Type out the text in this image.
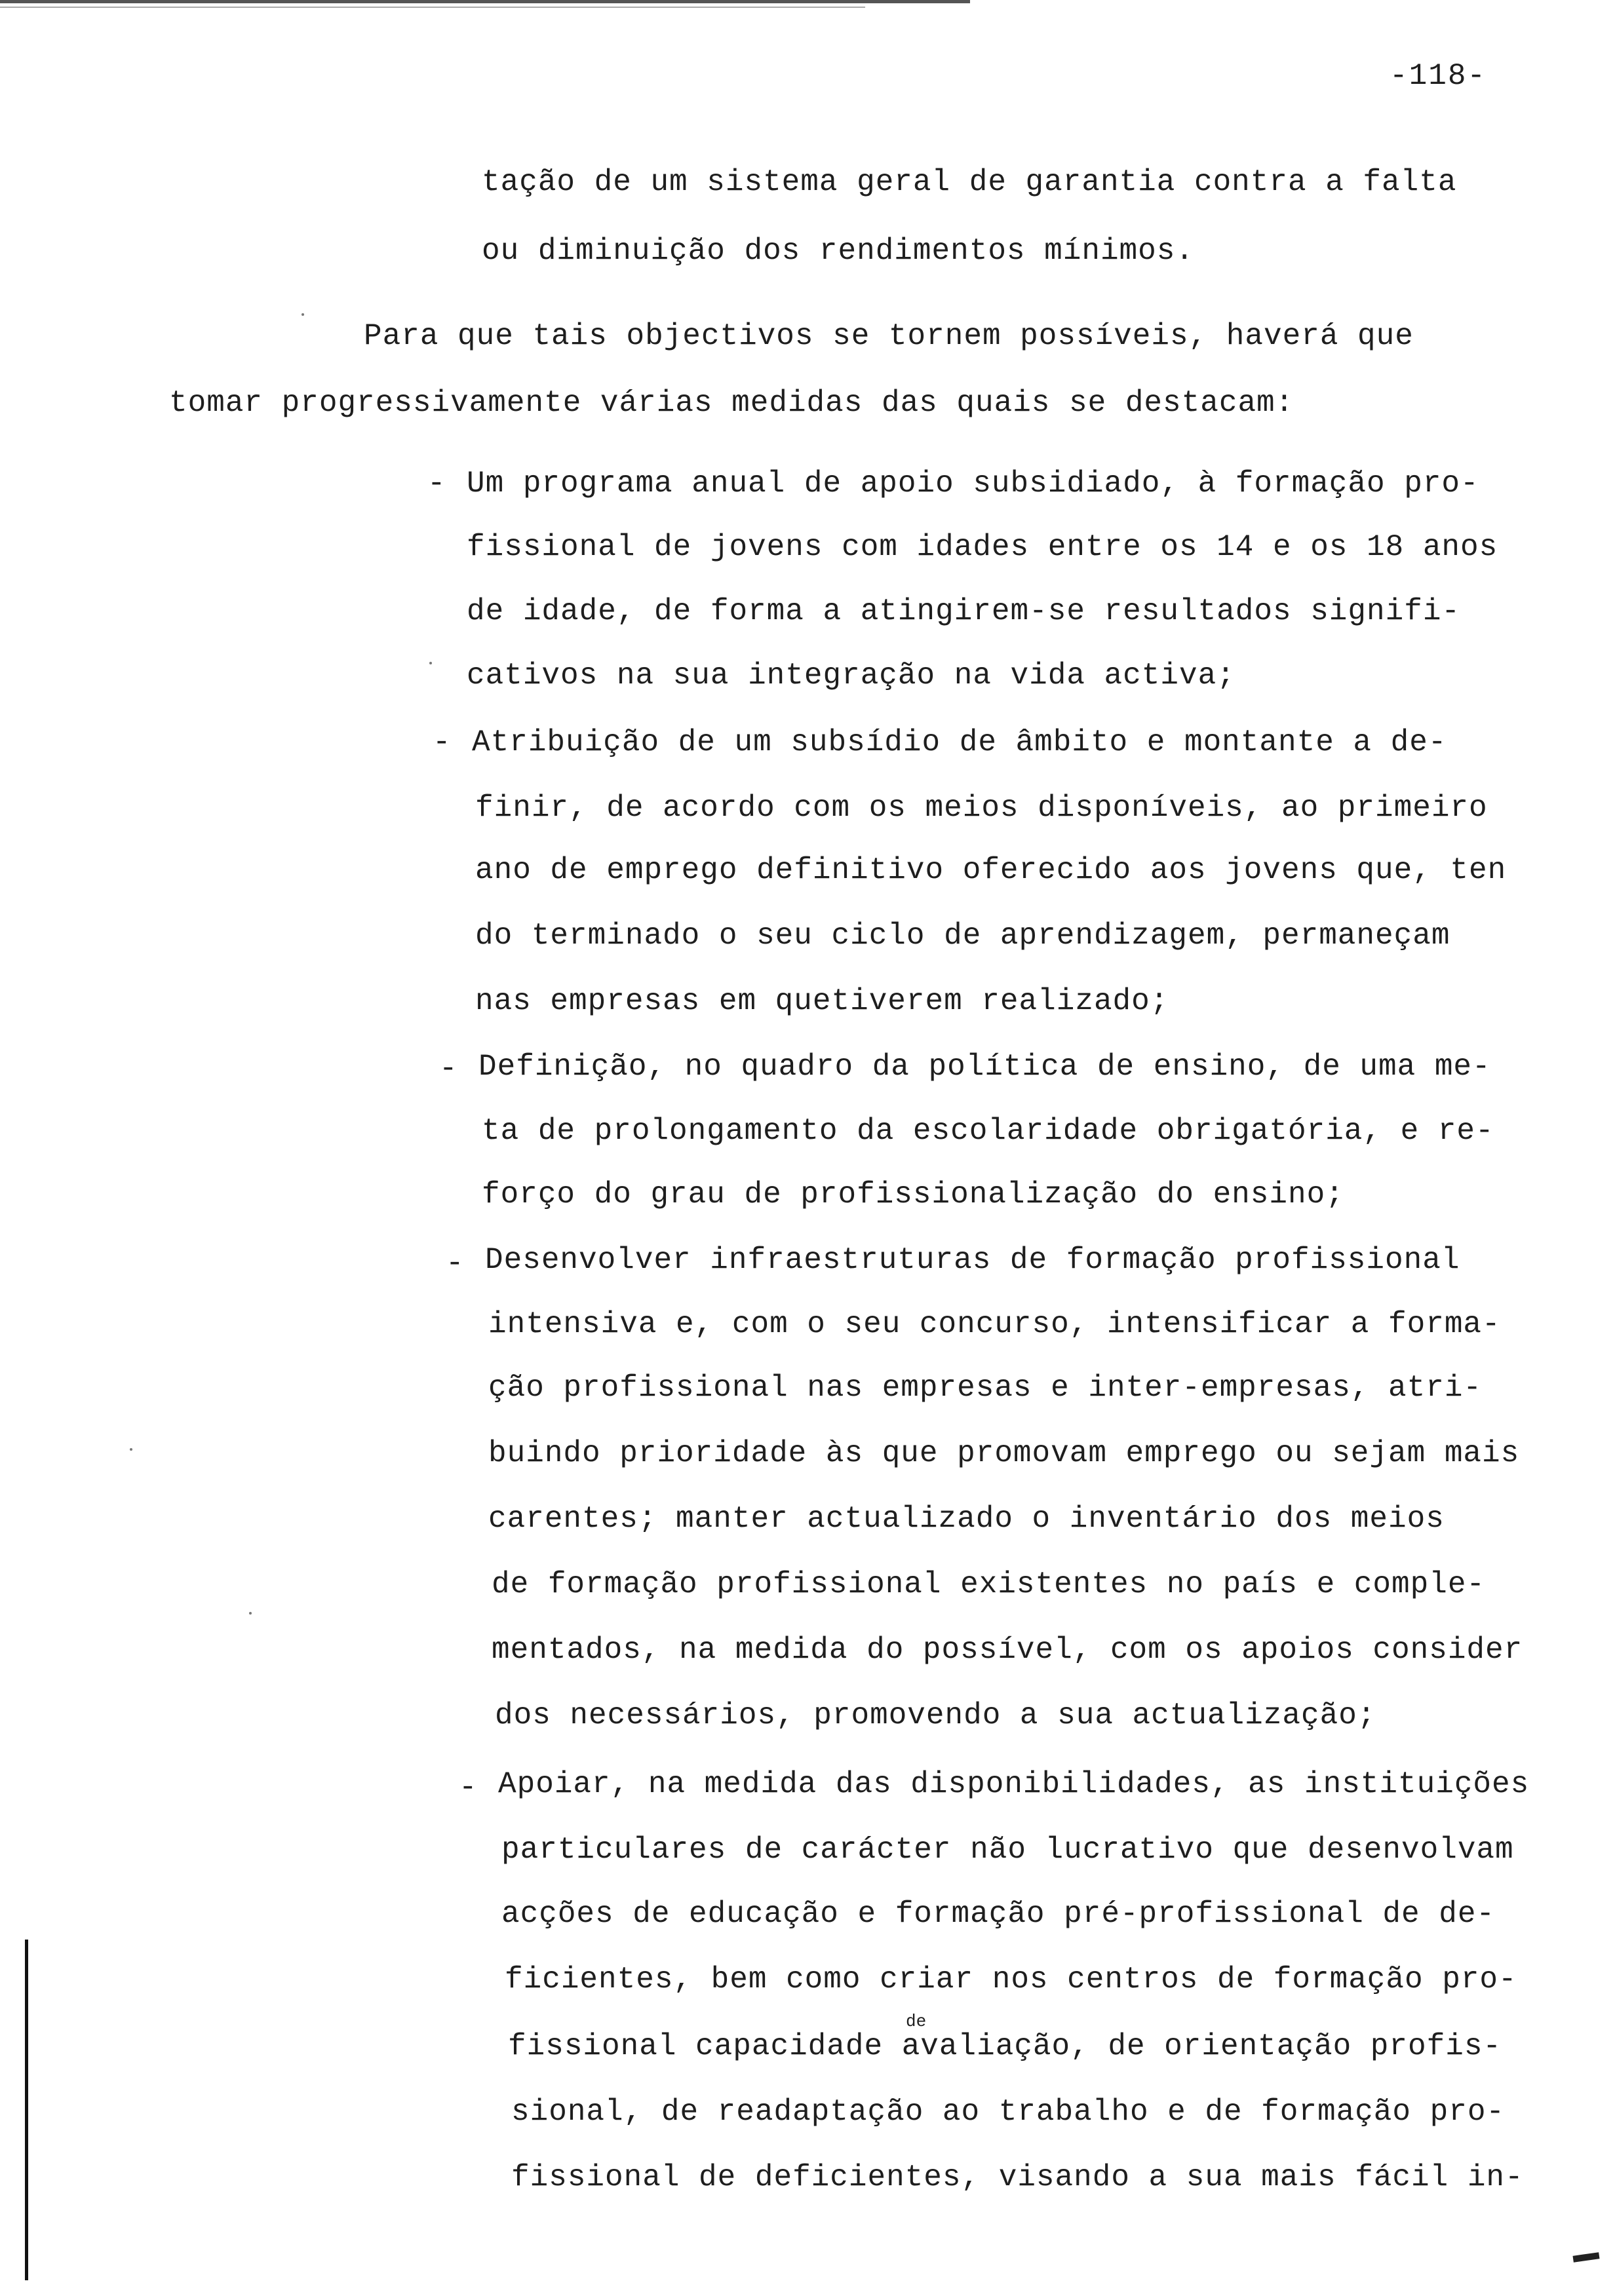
-118-
tação de um sistema geral de garantia contra a falta
ou diminuição dos rendimentos mínimos.
Para que tais objectivos se tornem possíveis, haverá que
tomar progressivamente várias medidas das quais se destacam:
- Um programa anual de apoio subsidiado, à formação pro-
fissional de jovens com idades entre os 14 e os 18 anos
de idade, de forma a atingirem-se resultados signifi-
cativos na sua integração na vida activa;
- Atribuição de um subsídio de âmbito e montante a de-
finir, de acordo com os meios disponíveis, ao primeiro
ano de emprego definitivo oferecido aos jovens que, ten
do terminado o seu ciclo de aprendizagem, permaneçam
nas empresas em quetiverem realizado;
- Definição, no quadro da política de ensino, de uma me-
ta de prolongamento da escolaridade obrigatória, e re-
forço do grau de profissionalização do ensino;
- Desenvolver infraestruturas de formação profissional
intensiva e, com o seu concurso, intensificar a forma-
ção profissional nas empresas e inter-empresas, atri-
buindo prioridade às que promovam emprego ou sejam mais
carentes; manter actualizado o inventário dos meios
de formação profissional existentes no país e comple-
mentados, na medida do possível, com os apoios consider
dos necessários, promovendo a sua actualização;
- Apoiar, na medida das disponibilidades, as instituições
particulares de carácter não lucrativo que desenvolvam
acções de educação e formação pré-profissional de de-
ficientes, bem como criar nos centros de formação pro-
de
fissional capacidade avaliação, de orientação profis-
sional, de readaptação ao trabalho e de formação pro-
fissional de deficientes, visando a sua mais fácil in-
